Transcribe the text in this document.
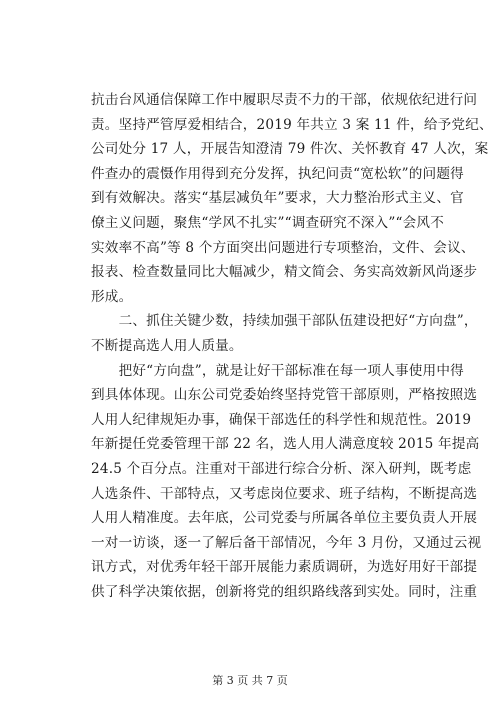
抗击台风通信保障工作中履职尽责不力的干部，依规依纪进行问
责。坚持严管厚爱相结合，2019 年共立 3 案 11 件，给予党纪、
公司处分 17 人，开展告知澄清 79 件次、关怀教育 47 人次，案
件查办的震慑作用得到充分发挥，执纪问责“宽松软”的问题得
到有效解决。落实“基层减负年”要求，大力整治形式主义、官
僚主义问题，聚焦“学风不扎实”“调查研究不深入”“会风不
实效率不高”等 8 个方面突出问题进行专项整治，文件、会议、
报表、检查数量同比大幅减少，精文简会、务实高效新风尚逐步
形成。
　　二、抓住关键少数，持续加强干部队伍建设把好“方向盘”，
不断提高选人用人质量。
　　把好“方向盘”，就是让好干部标准在每一项人事使用中得
到具体体现。山东公司党委始终坚持党管干部原则，严格按照选
人用人纪律规矩办事，确保干部选任的科学性和规范性。2019
年新提任党委管理干部 22 名，选人用人满意度较 2015 年提高
24.5 个百分点。注重对干部进行综合分析、深入研判，既考虑
人选条件、干部特点，又考虑岗位要求、班子结构，不断提高选
人用人精准度。去年底，公司党委与所属各单位主要负责人开展
一对一访谈，逐一了解后备干部情况，今年 3 月份，又通过云视
讯方式，对优秀年轻干部开展能力素质调研，为选好用好干部提
供了科学决策依据，创新将党的组织路线落到实处。同时，注重
第 3 页 共 7 页
